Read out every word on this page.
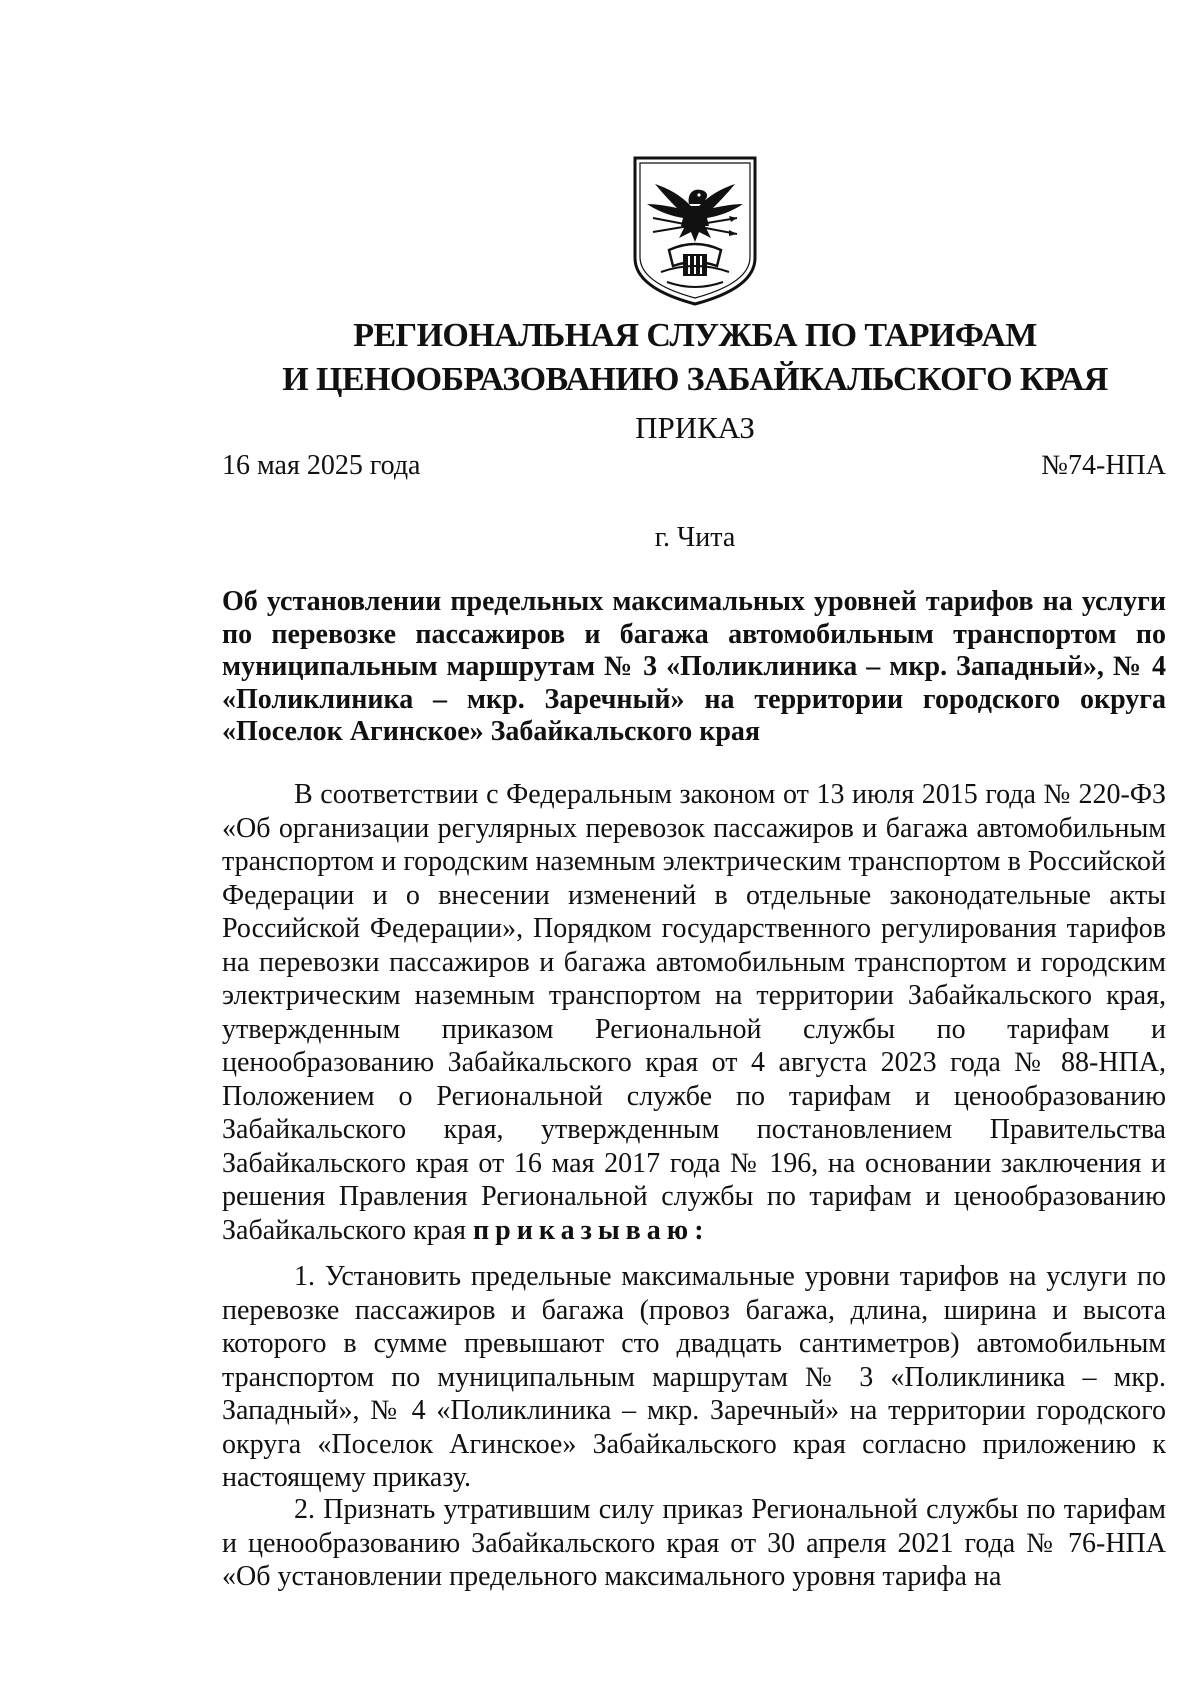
РЕГИОНАЛЬНАЯ СЛУЖБА ПО ТАРИФАМ
И ЦЕНООБРАЗОВАНИЮ ЗАБАЙКАЛЬСКОГО КРАЯ
ПРИКАЗ
16 мая 2025 года	№74-НПА
г. Чита
Об установлении предельных максимальных уровней тарифов на услуги по перевозке пассажиров и багажа автомобильным транспортом по муниципальным маршрутам № 3 «Поликлиника – мкр. Западный», № 4 «Поликлиника – мкр. Заречный» на территории городского округа «Поселок Агинское» Забайкальского края

В соответствии с Федеральным законом от 13 июля 2015 года № 220-ФЗ «Об организации регулярных перевозок пассажиров и багажа автомобильным транспортом и городским наземным электрическим транспортом в Российской Федерации и о внесении изменений в отдельные законодательные акты Российской Федерации», Порядком государственного регулирования тарифов на перевозки пассажиров и багажа автомобильным транспортом и городским электрическим наземным транспортом на территории Забайкальского края, утвержденным приказом Региональной службы по тарифам и ценообразованию Забайкальского края от 4 августа 2023 года № 88-НПА, Положением о Региональной службе по тарифам и ценообразованию Забайкальского края, утвержденным постановлением Правительства Забайкальского края от 16 мая 2017 года № 196, на основании заключения и решения Правления Региональной службы по тарифам и ценообразованию Забайкальского края приказываю:

1. Установить предельные максимальные уровни тарифов на услуги по перевозке пассажиров и багажа (провоз багажа, длина, ширина и высота которого в сумме превышают сто двадцать сантиметров) автомобильным транспортом по муниципальным маршрутам № 3 «Поликлиника – мкр. Западный», № 4 «Поликлиника – мкр. Заречный» на территории городского округа «Поселок Агинское» Забайкальского края согласно приложению к настоящему приказу.

2. Признать утратившим силу приказ Региональной службы по тарифам и ценообразованию Забайкальского края от 30 апреля 2021 года № 76-НПА «Об установлении предельного максимального уровня тарифа на
